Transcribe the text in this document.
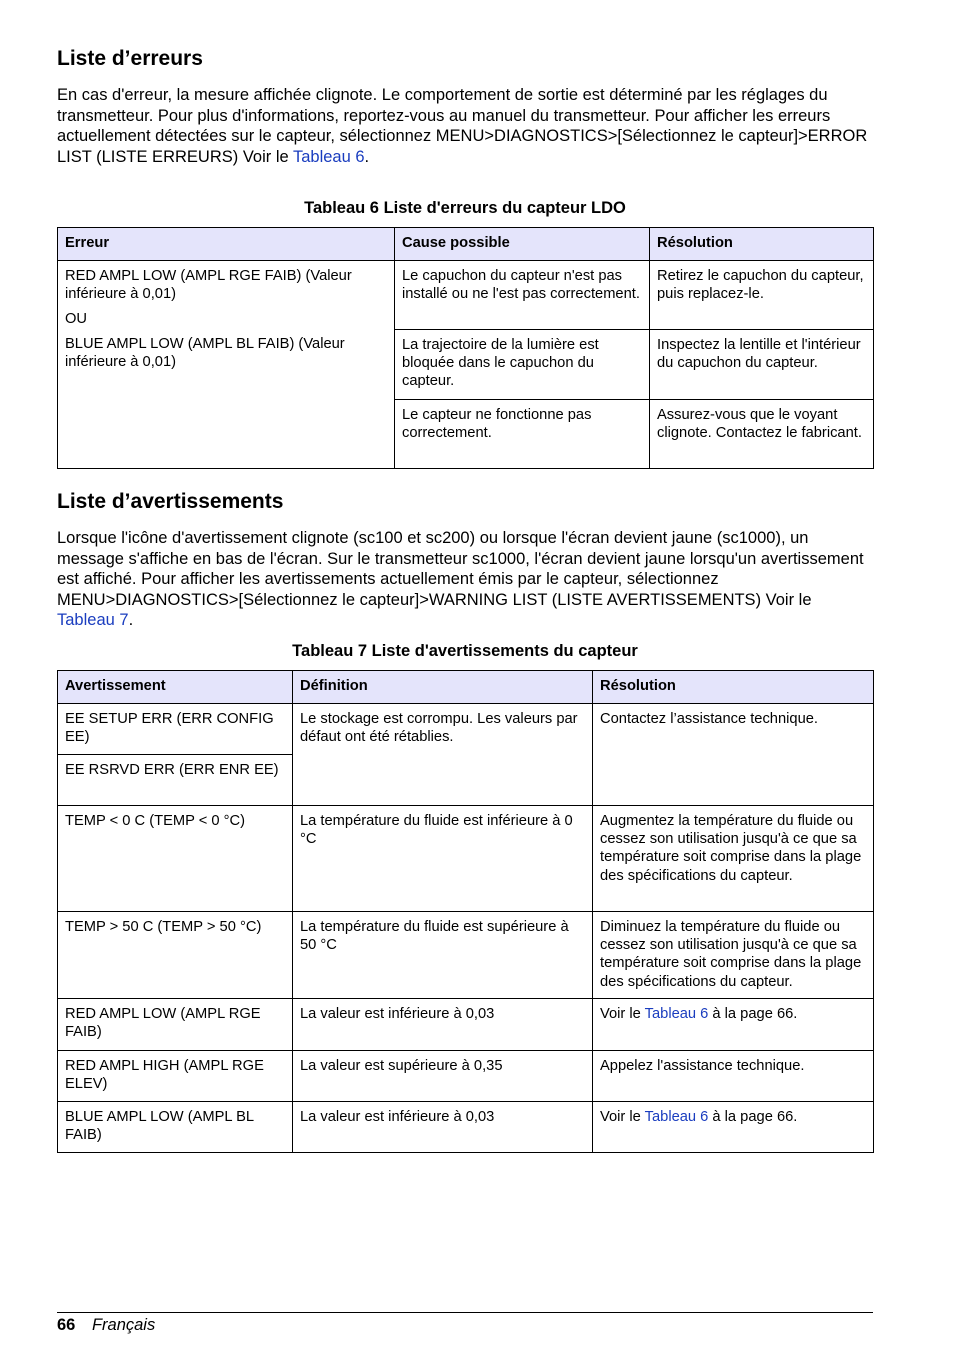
Liste d’erreurs

En cas d'erreur, la mesure affichée clignote. Le comportement de sortie est déterminé par les réglages du transmetteur. Pour plus d'informations, reportez-vous au manuel du transmetteur. Pour afficher les erreurs actuellement détectées sur le capteur, sélectionnez MENU>DIAGNOSTICS>[Sélectionnez le capteur]>ERROR LIST (LISTE ERREURS) Voir le Tableau 6.

Tableau 6 Liste d'erreurs du capteur LDO
Erreur	Cause possible	Résolution

RED AMPL LOW (AMPL RGE FAIB) (Valeur inférieure à 0,01)

OU

BLUE AMPL LOW (AMPL BL FAIB) (Valeur inférieure à 0,01)	Le capuchon du capteur n'est pas installé ou ne l'est pas correctement.	Retirez le capuchon du capteur, puis replacez-le.
	La trajectoire de la lumière est bloquée dans le capuchon du capteur.	Inspectez la lentille et l'intérieur du capuchon du capteur.
	Le capteur ne fonctionne pas correctement.	Assurez-vous que le voyant clignote. Contactez le fabricant.
Liste d’avertissements

Lorsque l'icône d'avertissement clignote (sc100 et sc200) ou lorsque l'écran devient jaune (sc1000), un message s'affiche en bas de l'écran. Sur le transmetteur sc1000, l'écran devient jaune lorsqu'un avertissement est affiché. Pour afficher les avertissements actuellement émis par le capteur, sélectionnez MENU>DIAGNOSTICS>[Sélectionnez le capteur]>WARNING LIST (LISTE AVERTISSEMENTS) Voir le Tableau 7.

Tableau 7 Liste d'avertissements du capteur
Avertissement	Définition	Résolution
EE SETUP ERR (ERR CONFIG EE)	Le stockage est corrompu. Les valeurs par défaut ont été rétablies.	Contactez l’assistance technique.
EE RSRVD ERR (ERR ENR EE)		
TEMP < 0 C (TEMP < 0 °C)	La température du fluide est inférieure à 0 °C	Augmentez la température du fluide ou cessez son utilisation jusqu'à ce que sa température soit comprise dans la plage des spécifications du capteur.
TEMP > 50 C (TEMP > 50 °C)	La température du fluide est supérieure à 50 °C	Diminuez la température du fluide ou cessez son utilisation jusqu'à ce que sa température soit comprise dans la plage des spécifications du capteur.
RED AMPL LOW (AMPL RGE FAIB)	La valeur est inférieure à 0,03	Voir le Tableau 6 à la page 66.
RED AMPL HIGH (AMPL RGE ELEV)	La valeur est supérieure à 0,35	Appelez l'assistance technique.
BLUE AMPL LOW (AMPL BL FAIB)	La valeur est inférieure à 0,03	Voir le Tableau 6 à la page 66.
66 Français
